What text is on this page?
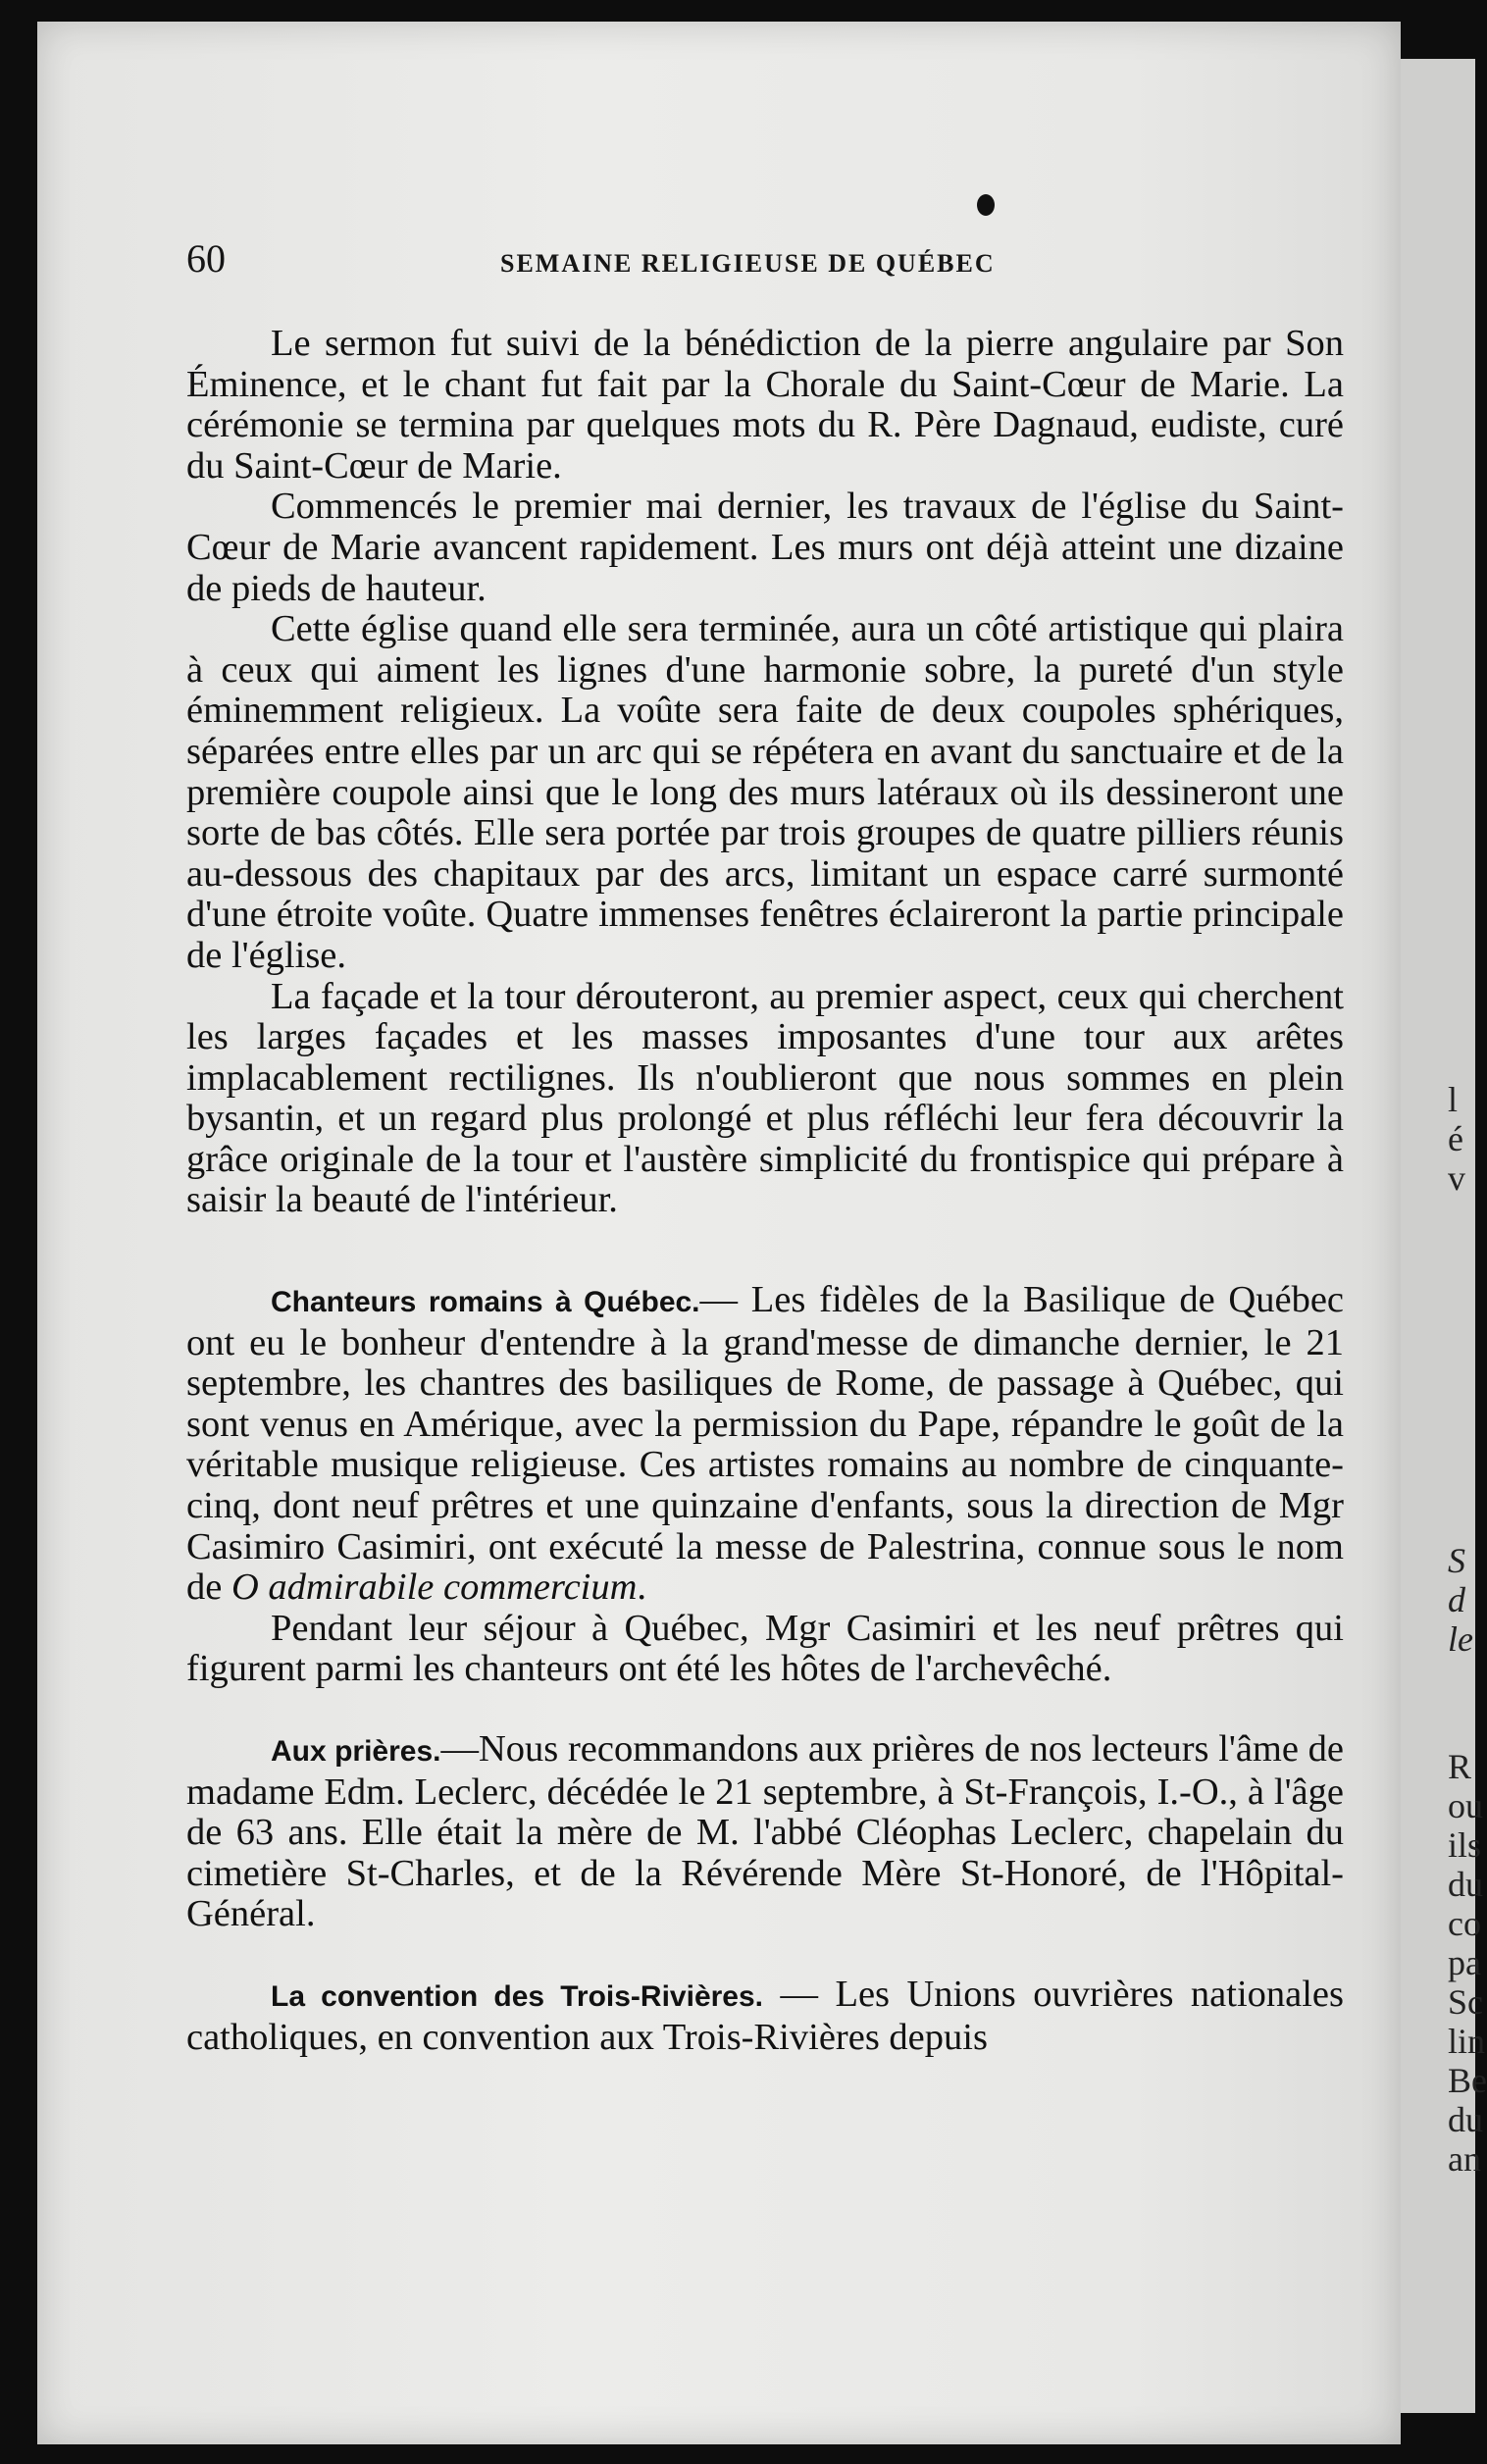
l
é
v
S
d
le
R
ou
ils
du
co
pa
Sc
lin
Be
du
an
60	SEMAINE RELIGIEUSE DE QUÉBEC

Le sermon fut suivi de la bénédiction de la pierre angulaire par Son Éminence, et le chant fut fait par la Chorale du Saint-Cœur de Marie. La cérémonie se termina par quelques mots du R. Père Dagnaud, eudiste, curé du Saint-Cœur de Marie.

Commencés le premier mai dernier, les travaux de l'église du Saint-Cœur de Marie avancent rapidement. Les murs ont déjà atteint une dizaine de pieds de hauteur.

Cette église quand elle sera terminée, aura un côté artistique qui plaira à ceux qui aiment les lignes d'une harmonie sobre, la pureté d'un style éminemment religieux. La voûte sera faite de deux coupoles sphériques, séparées entre elles par un arc qui se répétera en avant du sanctuaire et de la première coupole ainsi que le long des murs latéraux où ils dessineront une sorte de bas côtés. Elle sera portée par trois groupes de quatre pilliers réunis au-dessous des chapitaux par des arcs, limitant un espace carré surmonté d'une étroite voûte. Quatre immenses fenêtres éclaireront la partie principale de l'église.

La façade et la tour dérouteront, au premier aspect, ceux qui cherchent les larges façades et les masses imposantes d'une tour aux arêtes implacablement rectilignes. Ils n'oublieront que nous sommes en plein bysantin, et un regard plus prolongé et plus réfléchi leur fera découvrir la grâce originale de la tour et l'austère simplicité du frontispice qui prépare à saisir la beauté de l'intérieur.

Chanteurs romains à Québec.— Les fidèles de la Basilique de Québec ont eu le bonheur d'entendre à la grand'messe de dimanche dernier, le 21 septembre, les chantres des basiliques de Rome, de passage à Québec, qui sont venus en Amérique, avec la permission du Pape, répandre le goût de la véritable musique religieuse. Ces artistes romains au nombre de cinquante-cinq, dont neuf prêtres et une quinzaine d'enfants, sous la direction de Mgr Casimiro Casimiri, ont exécuté la messe de Palestrina, connue sous le nom de O admirabile commercium.

Pendant leur séjour à Québec, Mgr Casimiri et les neuf prêtres qui figurent parmi les chanteurs ont été les hôtes de l'archevêché.

Aux prières.—Nous recommandons aux prières de nos lecteurs l'âme de madame Edm. Leclerc, décédée le 21 septembre, à St-François, I.-O., à l'âge de 63 ans. Elle était la mère de M. l'abbé Cléophas Leclerc, chapelain du cimetière St-Charles, et de la Révérende Mère St-Honoré, de l'Hôpital-Général.

La convention des Trois-Rivières. — Les Unions ouvrières nationales catholiques, en convention aux Trois-Rivières depuis
